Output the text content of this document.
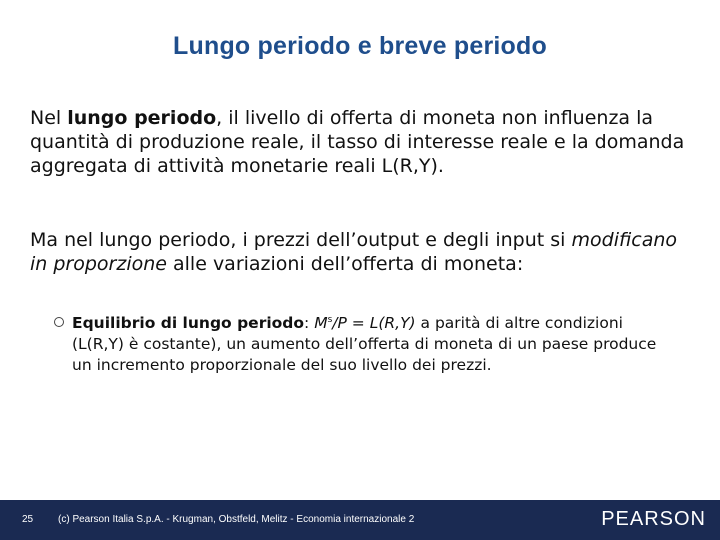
Lungo periodo e breve periodo
Nel lungo periodo, il livello di offerta di moneta non influenza la quantità di produzione reale, il tasso di interesse reale e la domanda aggregata di attività monetarie reali L(R,Y).
Ma nel lungo periodo, i prezzi dell’output e degli input si modificano in proporzione alle variazioni dell’offerta di moneta:
Equilibrio di lungo periodo: $M^s/P = L(R,Y)$ a parità di altre condizioni (L(R,Y) è costante), un aumento dell’offerta di moneta di un paese produce un incremento proporzionale del suo livello dei prezzi.
25 (c) Pearson Italia S.p.A. - Krugman, Obstfeld, Melitz - Economia internazionale 2	PEARSON
